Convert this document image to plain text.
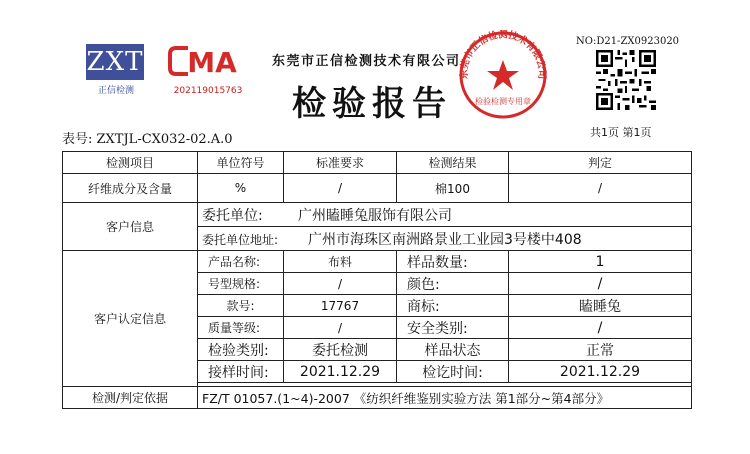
ZXT
正信检测
MA
202119015763
东莞市正信检测技术有限公司
检验报告
东莞市正信检测技术有限公司
检验检测专用章
NO:D21-ZX0923020
共1页 第1页
表号: ZXTJL-CX032-02.A.0
检测项目	单位符号	标准要求	检测结果	判定
纤维成分及含量	%	/	棉100	/
客户信息	委托单位: 广州瞌睡兔服饰有限公司			
	委托单位地址: 广州市海珠区南洲路景业工业园3号楼中408			
客户认定信息	产品名称:	布料	样品数量:	1
	号型规格:	/	颜色:	/
	款号:	17767	商标:	瞌睡兔
	质量等级:	/	安全类别:	/
	检验类别:	委托检测	样品状态	正常
	接样时间:	2021.12.29	检讫时间:	2021.12.29

检测/判定依据	FZ/T 01057.(1~4)-2007 《纺织纤维鉴别实验方法 第1部分~第4部分》			
